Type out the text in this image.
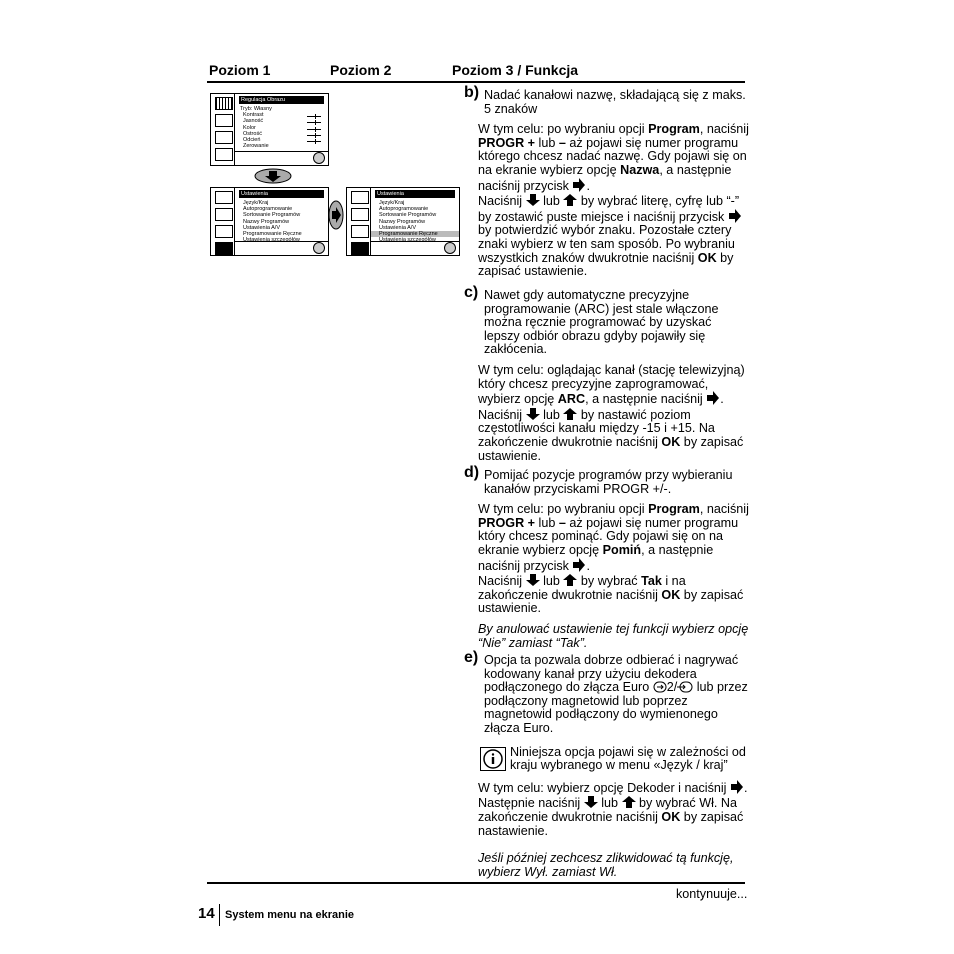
Poziom 1	Poziom 2	Poziom 3 / Funkcja
Regulacja Obrazu
Tryb: Własny
Kontrast
Jasność
Kolor
Ostrość
Odcień
Zerowanie
Ustawienia
Język/Kraj
Autoprogramowanie
Sortowanie Programów
Nazwy Programów
Ustawienia A/V
Programowanie Ręczne
Ustawienia szczegółów
Ustawienia
Język/Kraj
Autoprogramowanie
Sortowanie Programów
Nazwy Programów
Ustawienia A/V
Programowanie Ręczne
Ustawienia szczegółów
b) Nadać kanałowi nazwę, składającą się z maks. 5 znaków

W tym celu: po wybraniu opcji Program, naciśnij PROGR + lub – aż pojawi się numer programu którego chcesz nadać nazwę. Gdy pojawi się on na ekranie wybierz opcję Nazwa, a następnie naciśnij przycisk .
Naciśnij  lub  by wybrać literę, cyfrę lub “-” by zostawić puste miejsce i naciśnij przycisk  by potwierdzić wybór znaku. Pozostałe cztery znaki wybierz w ten sam sposób. Po wybraniu wszystkich znaków dwukrotnie naciśnij OK by zapisać ustawienie.

c) Nawet gdy automatyczne precyzyjne programowanie (ARC) jest stale włączone można ręcznie programować by uzyskać lepszy odbiór obrazu gdyby pojawiły się zakłócenia.

W tym celu: oglądając kanał (stację telewizyjną) który chcesz precyzyjne zaprogramować, wybierz opcję ARC, a następnie naciśnij . Naciśnij  lub  by nastawić poziom częstotliwości kanału między -15 i +15. Na zakończenie dwukrotnie naciśnij OK by zapisać ustawienie.

d) Pomijać pozycje programów przy wybieraniu kanałów przyciskami PROGR +/-.

W tym celu: po wybraniu opcji Program, naciśnij PROGR + lub – aż pojawi się numer programu który chcesz pominąć. Gdy pojawi się on na ekranie wybierz opcję Pomiń, a następnie naciśnij przycisk .
Naciśnij  lub  by wybrać Tak i na zakończenie dwukrotnie naciśnij OK by zapisać ustawienie.

By anulować ustawienie tej funkcji wybierz opcję “Nie” zamiast “Tak”.

e) Opcja ta pozwala dobrze odbierać i nagrywać kodowany kanał przy użyciu dekodera podłączonego do złącza Euro 2/ lub przez podłączony magnetowid lub poprzez magnetowid podłączony do wymienonego złącza Euro.

Niniejsza opcja pojawi się w zależności od kraju wybranego w menu «Język / kraj”

W tym celu: wybierz opcję Dekoder i naciśnij . Następnie naciśnij  lub  by wybrać Wł. Na zakończenie dwukrotnie naciśnij OK by zapisać nastawienie.

Jeśli później zechcesz zlikwidować tą funkcję, wybierz Wył. zamiast Wł.

kontynuuje...
14 System menu na ekranie
